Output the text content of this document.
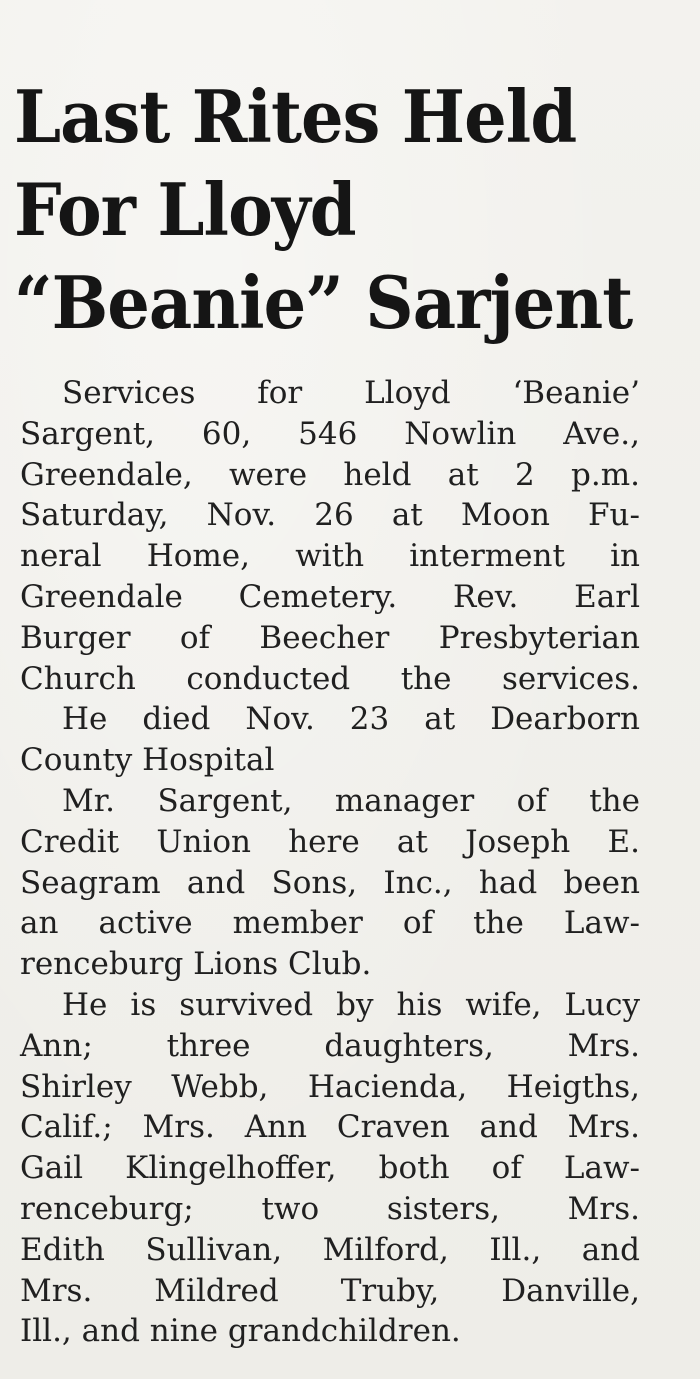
Last Rites Held
For Lloyd
“Beanie” Sarjent
Services for Lloyd ‘Beanie’
Sargent, 60, 546 Nowlin Ave.,
Greendale, were held at 2 p.m.
Saturday, Nov. 26 at Moon Fu-
neral Home, with interment in
Greendale Cemetery. Rev. Earl
Burger of Beecher Presbyterian
Church conducted the services.
He died Nov. 23 at Dearborn
County Hospital
Mr. Sargent, manager of the
Credit Union here at Joseph E.
Seagram and Sons, Inc., had been
an active member of the Law-
renceburg Lions Club.
He is survived by his wife, Lucy
Ann; three daughters, Mrs.
Shirley Webb, Hacienda, Heigths,
Calif.; Mrs. Ann Craven and Mrs.
Gail Klingelhoffer, both of Law-
renceburg; two sisters, Mrs.
Edith Sullivan, Milford, Ill., and
Mrs. Mildred Truby, Danville,
Ill., and nine grandchildren.
